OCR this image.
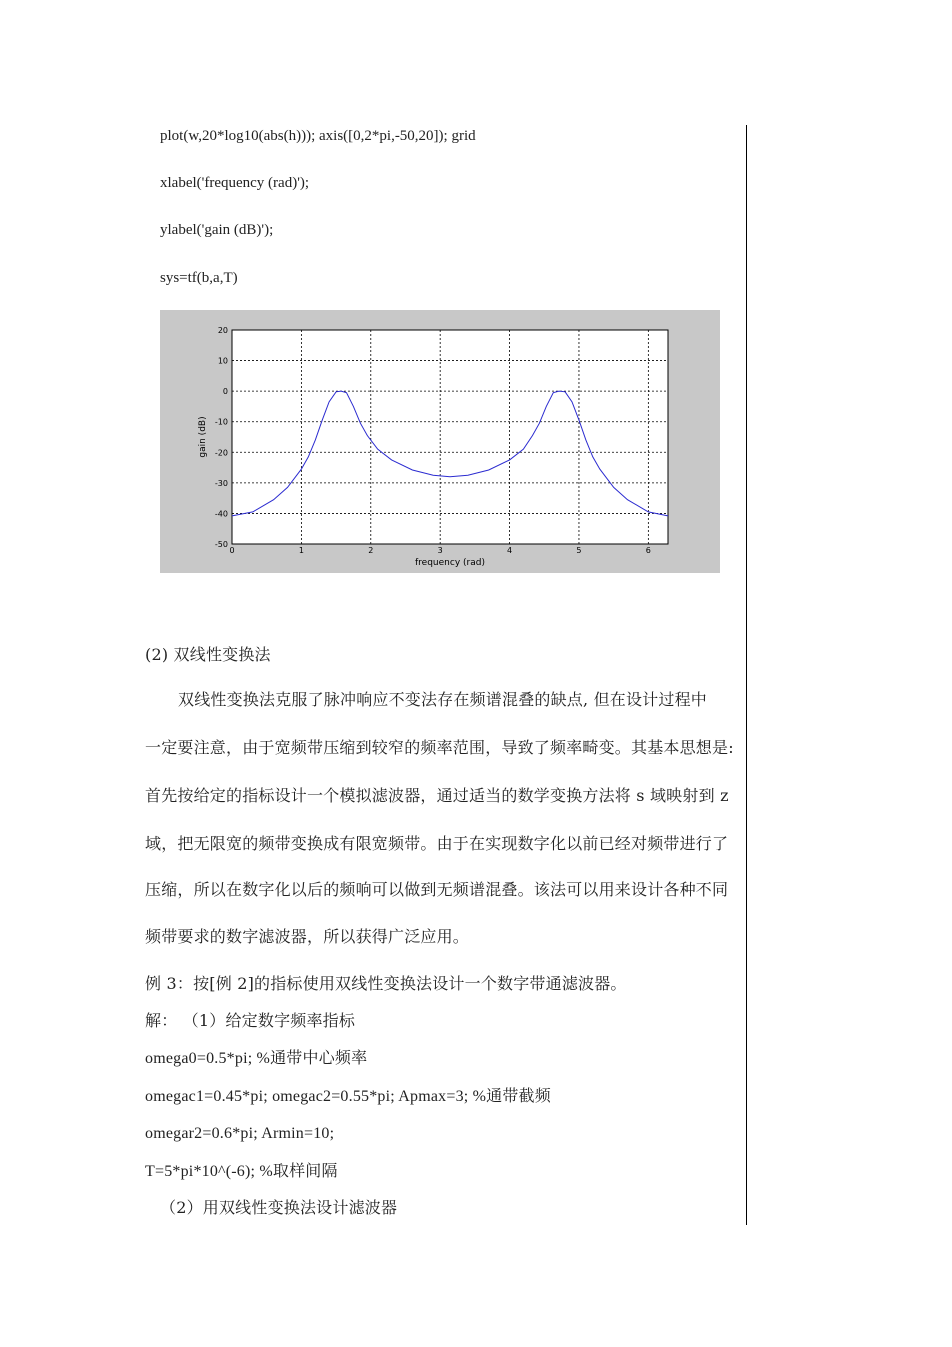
plot(w,20*log10(abs(h))); axis([0,2*pi,-50,20]); grid
xlabel('frequency (rad)');
ylabel('gain (dB)');
sys=tf(b,a,T)
0	1	2	3	4	5	6
20
10
0
-10
-20
-30
-40
-50
frequency (rad)
gain (dB)
(2) 双线性变换法
双线性变换法克服了脉冲响应不变法存在频谱混叠的缺点, 但在设计过程中
一定要注意，由于宽频带压缩到较窄的频率范围，导致了频率畸变。其基本思想是:
首先按给定的指标设计一个模拟滤波器，通过适当的数学变换方法将 s 域映射到 z
域，把无限宽的频带变换成有限宽频带。由于在实现数字化以前已经对频带进行了
压缩，所以在数字化以后的频响可以做到无频谱混叠。该法可以用来设计各种不同
频带要求的数字滤波器，所以获得广泛应用。
例 3：按[例 2]的指标使用双线性变换法设计一个数字带通滤波器。
解： （1）给定数字频率指标
omega0=0.5*pi; %通带中心频率
omegac1=0.45*pi; omegac2=0.55*pi; Apmax=3; %通带截频
omegar2=0.6*pi; Armin=10;
T=5*pi*10^(-6); %取样间隔
（2）用双线性变换法设计滤波器
